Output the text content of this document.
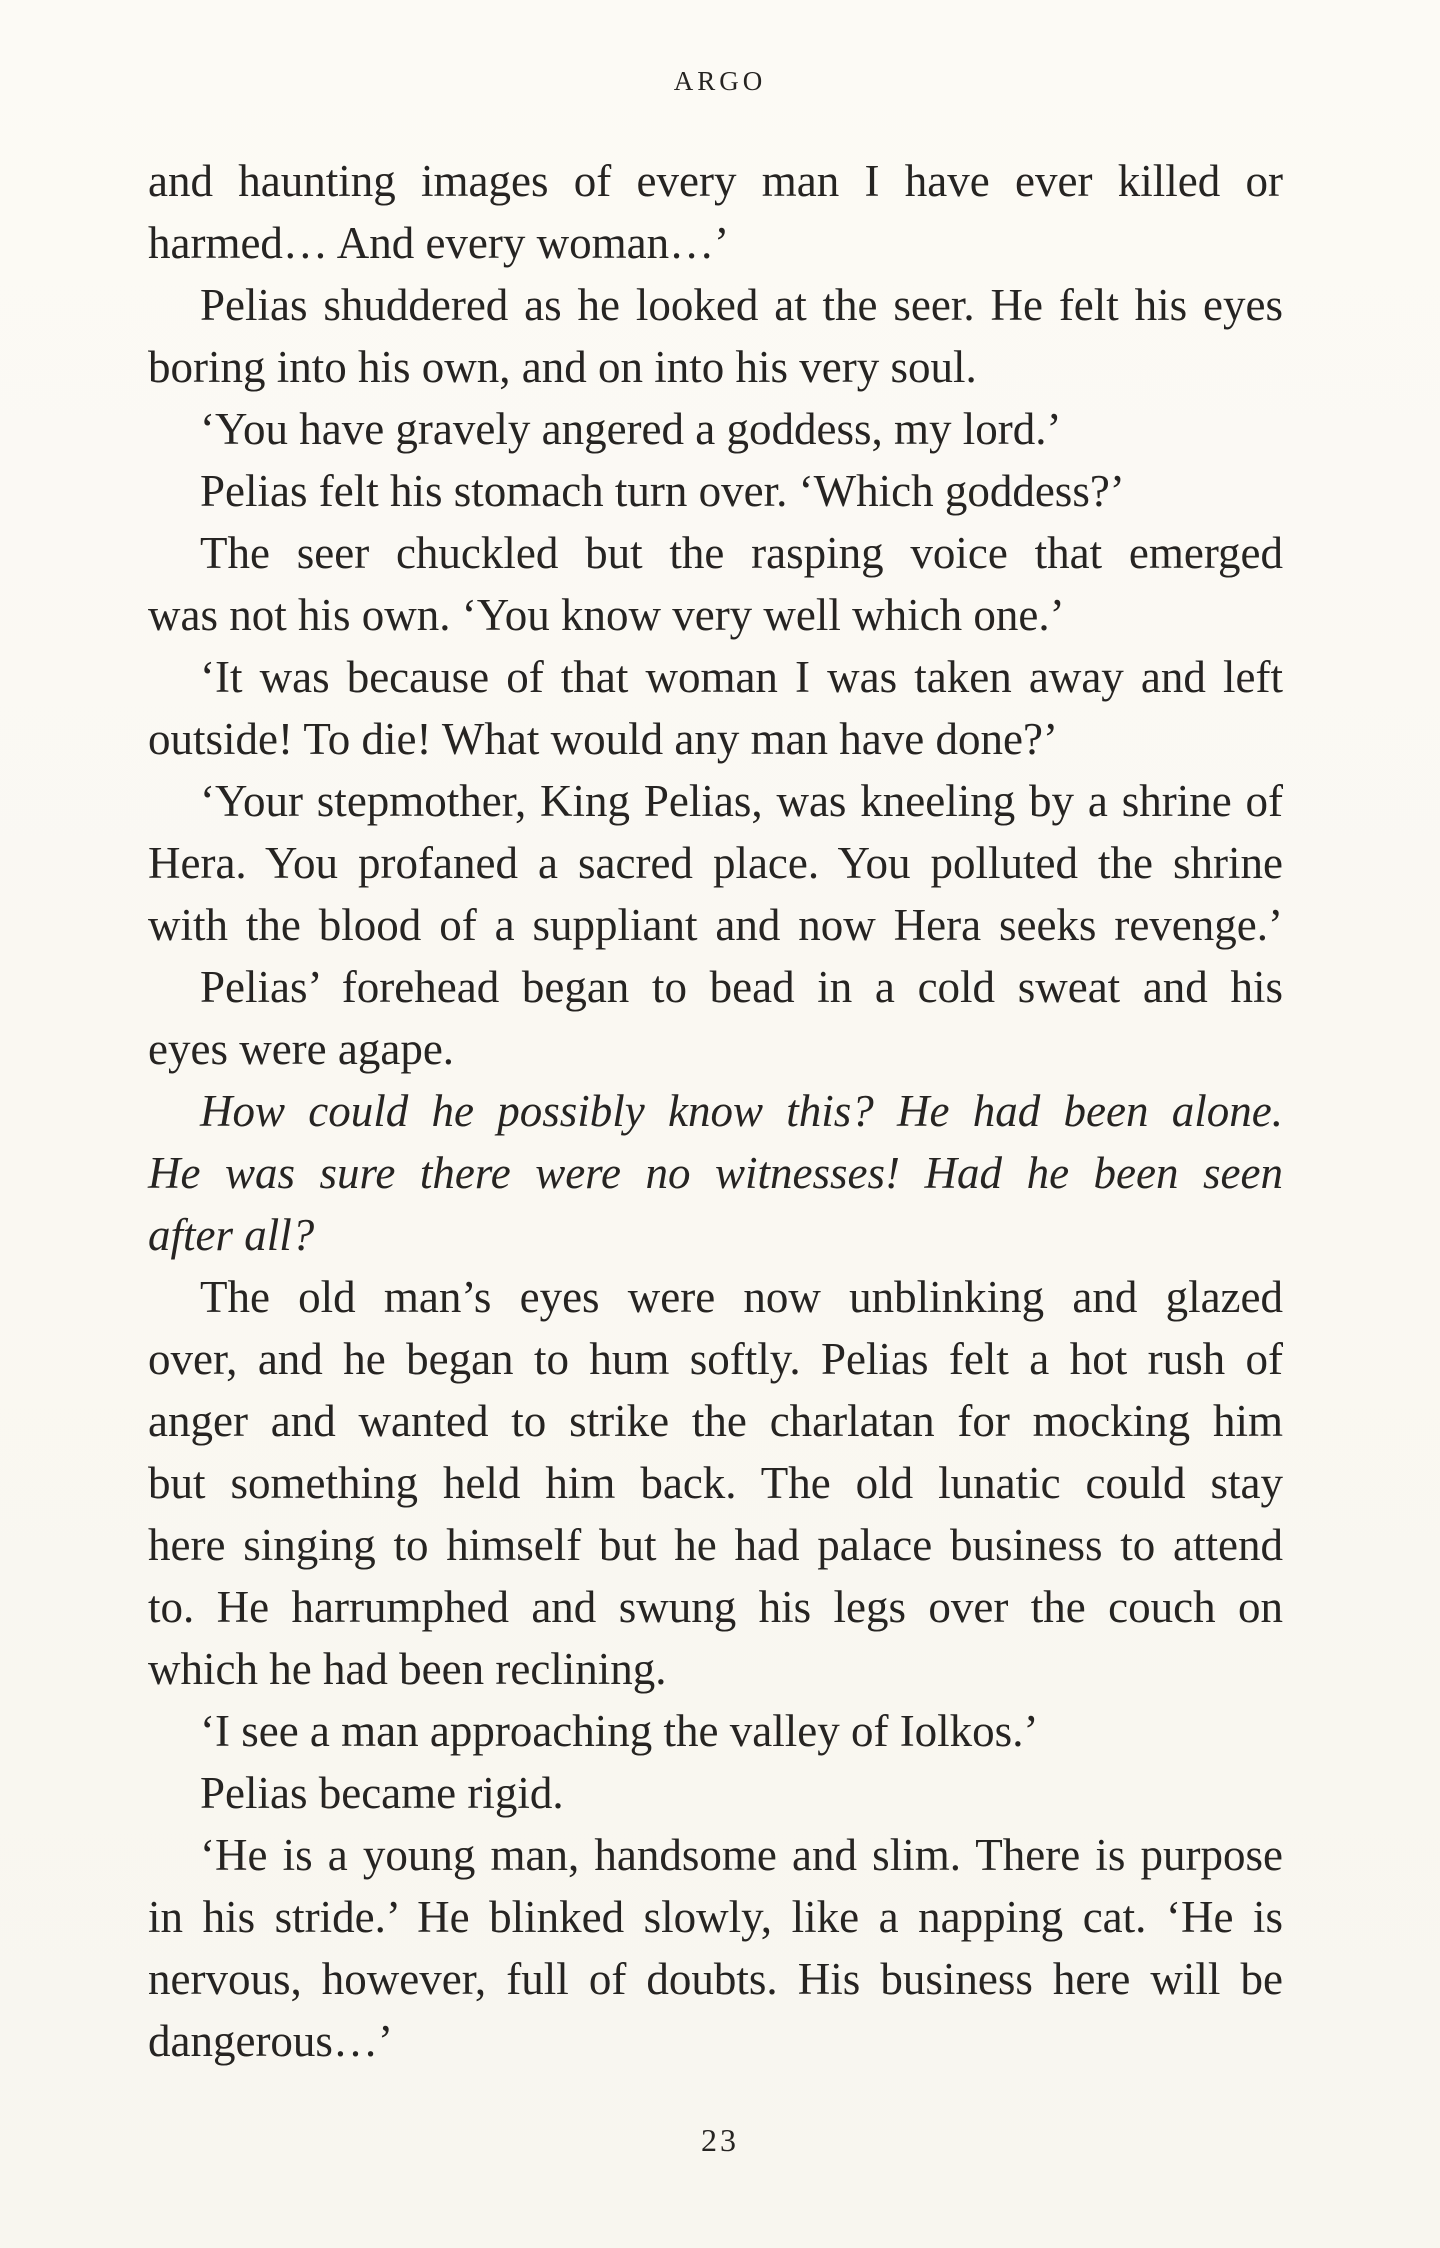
ARGO
and haunting images of every man I have ever killed or
harmed… And every woman…’
Pelias shuddered as he looked at the seer. He felt his eyes
boring into his own, and on into his very soul.
‘You have gravely angered a goddess, my lord.’
Pelias felt his stomach turn over. ‘Which goddess?’
The seer chuckled but the rasping voice that emerged
was not his own. ‘You know very well which one.’
‘It was because of that woman I was taken away and left
outside! To die! What would any man have done?’
‘Your stepmother, King Pelias, was kneeling by a shrine of
Hera. You profaned a sacred place. You polluted the shrine
with the blood of a suppliant and now Hera seeks revenge.’
Pelias’ forehead began to bead in a cold sweat and his
eyes were agape.
How could he possibly know this? He had been alone.
He was sure there were no witnesses! Had he been seen
after all?
The old man’s eyes were now unblinking and glazed
over, and he began to hum softly. Pelias felt a hot rush of
anger and wanted to strike the charlatan for mocking him
but something held him back. The old lunatic could stay
here singing to himself but he had palace business to attend
to. He harrumphed and swung his legs over the couch on
which he had been reclining.
‘I see a man approaching the valley of Iolkos.’
Pelias became rigid.
‘He is a young man, handsome and slim. There is purpose
in his stride.’ He blinked slowly, like a napping cat. ‘He is
nervous, however, full of doubts. His business here will be
dangerous…’
23
